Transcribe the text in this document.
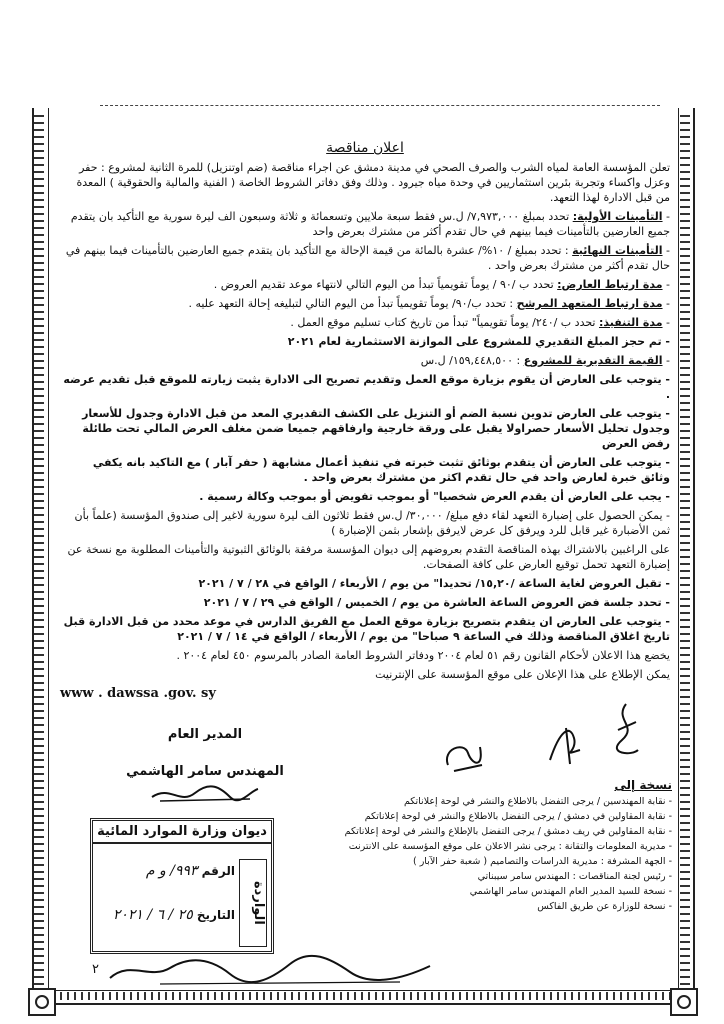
اعلان مناقصة
تعلن المؤسسة العامة لمياه الشرب والصرف الصحي في مدينة دمشق عن اجراء مناقصة (ضم اوتنزيل) للمرة الثانية لمشروع : حفر وعزل واكساء وتجربة بئرين استثماريين في وحدة مياه جيرود . وذلك وفق دفاتر الشروط الخاصة ( الفنية والمالية والحقوقية ) المعدة من قبل الادارة لهذا التعهد.
- التأمينات الأولية: تحدد بمبلغ ٧,٩٧٣,٠٠٠/ ل.س فقط سبعة ملايين وتسعمائة و ثلاثة وسبعون الف ليرة سورية مع التأكيد بان يتقدم جميع العارضين بالتأمينات فيما بينهم في حال تقدم أكثر من مشترك بعرض واحد
- التأمينات النهائية : تحدد بمبلغ / ١٠%/ عشرة بالمائة من قيمة الإحالة مع التأكيد بان يتقدم جميع العارضين بالتأمينات فيما بينهم في حال تقدم أكثر من مشترك بعرض واحد .
- مدة ارتباط العارض: تحدد ب /٩٠ / يوماً تقويمياً تبدأ من اليوم التالي لانتهاء موعد تقديم العروض .
- مدة ارتباط المتعهد المرشح : تحدد ب/٩٠/ يوماً تقويمياً تبدأ من اليوم التالي لتبليغه إحالة التعهد عليه .
- مدة التنفيذ: تحدد ب /٢٤٠/ يوماً تقويمياً" تبدأ من تاريخ كتاب تسليم موقع العمل .
- تم حجز المبلغ التقديري للمشروع على الموازنة الاستثمارية لعام ٢٠٢١
- القيمة التقديرية للمشروع : ١٥٩,٤٤٨,٥٠٠/ ل.س
- يتوجب على العارض أن يقوم بزيارة موقع العمل وتقديم تصريح الى الادارة يثبت زيارته للموقع قبل تقديم عرضه .
- يتوجب على العارض تدوين نسبة الضم أو التنزيل على الكشف التقديري المعد من قبل الادارة وجدول للأسعار وجدول تحليل الأسعار حصراولا يقبل على ورقة خارجية وارفاقهم جميعا ضمن مغلف العرض المالي تحت طائلة رفض العرض
- يتوجب على العارض أن يتقدم بوثائق تثبت خبرته في تنفيذ أعمال مشابهة ( حفر آبار ) مع التاكيد بانه يكفي وثائق خبرة لعارض واحد في حال تقدم اكثر من مشترك بعرض واحد .
- يجب على العارض أن يقدم العرض شخصيا" أو بموجب تفويض أو بموجب وكالة رسمية .
- يمكن الحصول على إضبارة التعهد لقاء دفع مبلغ/ ٣٠,٠٠٠/ ل.س فقط ثلاثون الف ليرة سورية لاغير إلى صندوق المؤسسة (علماً بأن ثمن الأضبارة غير قابل للرد ويرفق كل عرض لايرفق بإشعار بثمن الإضبارة )
على الراغبين بالاشتراك بهذه المناقصة التقدم بعروضهم إلى ديوان المؤسسة مرفقة بالوثائق الثبوتية والتأمينات المطلوبة مع نسخة عن إضبارة التعهد تحمل توقيع العارض على كافة الصفحات.
- تقبل العروض لغاية الساعة /١٥,٢٠/ تحديدا" من يوم / الأربعاء / الواقع في ٢٨ / ٧ / ٢٠٢١
- تحدد جلسة فض العروض الساعة العاشرة من يوم / الخميس / الواقع في ٢٩ / ٧ / ٢٠٢١
- يتوجب على العارض ان يتقدم بتصريح بزيارة موقع العمل مع الفريق الدارس في موعد محدد من قبل الادارة قبل تاريخ اغلاق المناقصة وذلك في الساعة ٩ صباحا" من يوم / الأربعاء / الواقع في ١٤ / ٧ / ٢٠٢١
يخضع هذا الاعلان لأحكام القانون رقم ٥١ لعام ٢٠٠٤ ودفاتر الشروط العامة الصادر بالمرسوم ٤٥٠ لعام ٢٠٠٤ .
يمكن الإطلاع على هذا الإعلان على موقع المؤسسة على الإنترنيت
www . dawssa .gov. sy
المدير العام
المهندس سامر الهاشمي
ديوان وزارة الموارد المائية
الواردة
الرقم ٩٩٣/ و م
التاريخ ٢٥ / ٦ / ٢٠٢١
نسخة إلى
- نقابة المهندسين / يرجى التفضل بالاطلاع والنشر في لوحة إعلاناتكم
- نقابة المقاولين في دمشق / يرجى التفضل بالاطلاع والنشر في لوحة إعلاناتكم
- نقابة المقاولين في ريف دمشق / يرجى التفضل بالإطلاع والنشر في لوحة إعلاناتكم
- مديرية المعلومات والتقانة : يرجى نشر الاعلان على موقع المؤسسة على الانترنت
- الجهة المشرفة : مديرية الدراسات والتصاميم ( شعبة حفر الآبار )
- رئيس لجنة المناقصات : المهندس سامر سيبناتي
- نسخة للسيد المدير العام المهندس سامر الهاشمي
- نسخة للوزارة عن طريق الفاكس
٢
